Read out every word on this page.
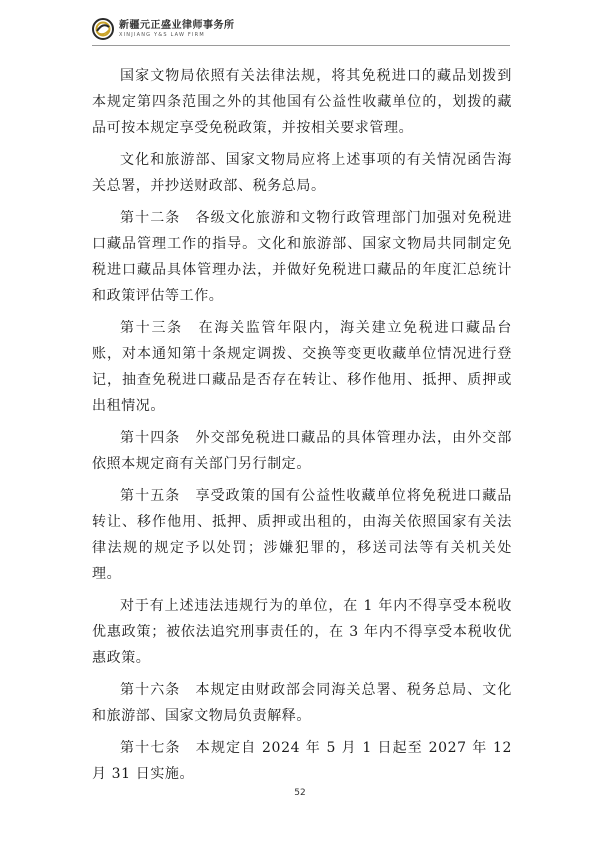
新疆元正盛业律师事务所
XINJIANG Y&S LAW FIRM

国家文物局依照有关法律法规，将其免税进口的藏品划拨到本规定第四条范围之外的其他国有公益性收藏单位的，划拨的藏品可按本规定享受免税政策，并按相关要求管理。

文化和旅游部、国家文物局应将上述事项的有关情况函告海关总署，并抄送财政部、税务总局。

第十二条　各级文化旅游和文物行政管理部门加强对免税进口藏品管理工作的指导。文化和旅游部、国家文物局共同制定免税进口藏品具体管理办法，并做好免税进口藏品的年度汇总统计和政策评估等工作。

第十三条　在海关监管年限内，海关建立免税进口藏品台账，对本通知第十条规定调拨、交换等变更收藏单位情况进行登记，抽查免税进口藏品是否存在转让、移作他用、抵押、质押或出租情况。

第十四条　外交部免税进口藏品的具体管理办法，由外交部依照本规定商有关部门另行制定。

第十五条　享受政策的国有公益性收藏单位将免税进口藏品转让、移作他用、抵押、质押或出租的，由海关依照国家有关法律法规的规定予以处罚；涉嫌犯罪的，移送司法等有关机关处理。

对于有上述违法违规行为的单位，在 1 年内不得享受本税收优惠政策；被依法追究刑事责任的，在 3 年内不得享受本税收优惠政策。

第十六条　本规定由财政部会同海关总署、税务总局、文化和旅游部、国家文物局负责解释。

第十七条　本规定自 2024 年 5 月 1 日起至 2027 年 12 月 31 日实施。

52
